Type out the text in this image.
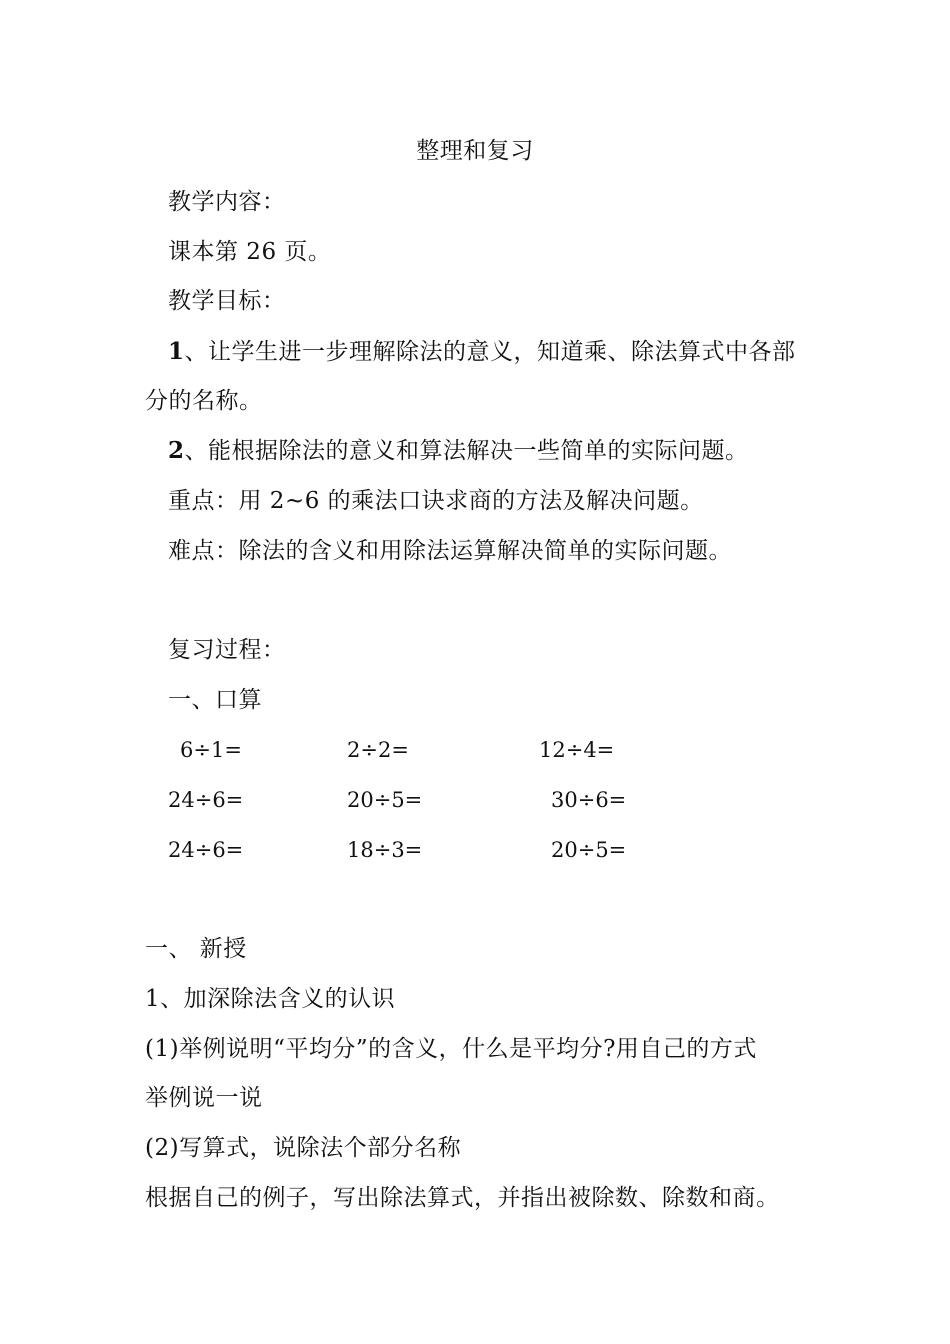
整理和复习
教学内容：
课本第 26 页。
教学目标：
1、让学生进一步理解除法的意义，知道乘、除法算式中各部
分的名称。
2、能根据除法的意义和算法解决一些简单的实际问题。
重点：用 2~6 的乘法口诀求商的方法及解决问题。
难点：除法的含义和用除法运算解决简单的实际问题。
复习过程：
一、口算
6÷1=	2÷2=	12÷4=
24÷6=	20÷5=	30÷6=
24÷6=	18÷3=	20÷5=
一、 新授
1、加深除法含义的认识
(1)举例说明“平均分”的含义，什么是平均分?用自己的方式
举例说一说
(2)写算式，说除法个部分名称
根据自己的例子，写出除法算式，并指出被除数、除数和商。
